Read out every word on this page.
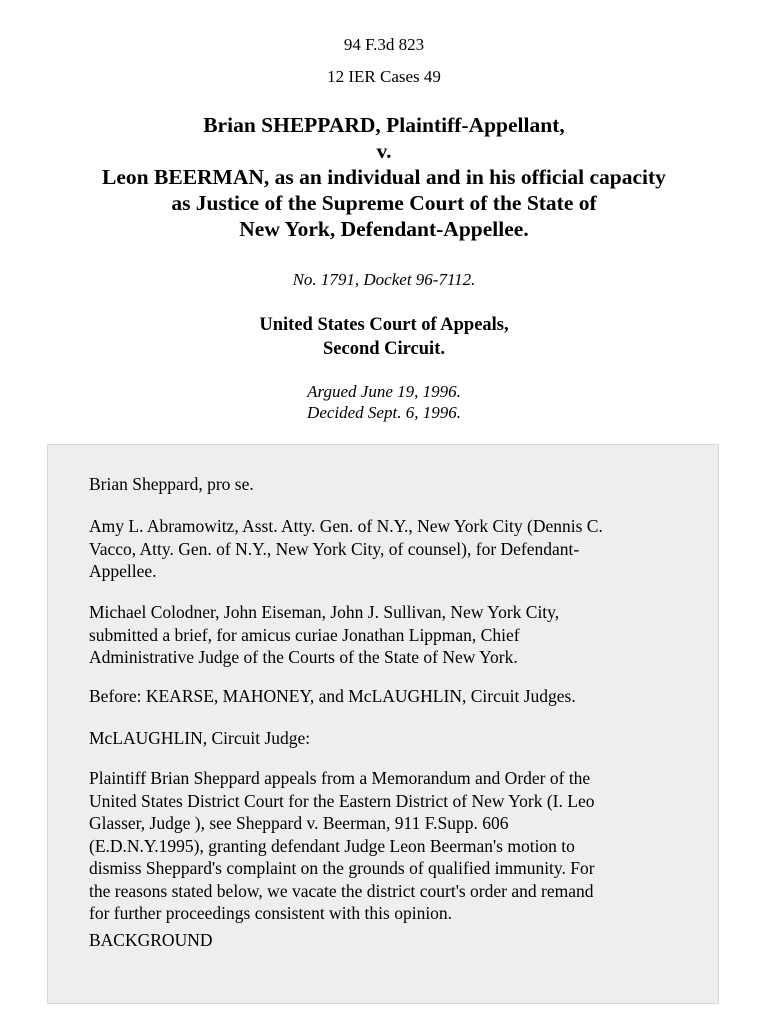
94 F.3d 823
12 IER Cases 49
Brian SHEPPARD, Plaintiff-Appellant,
v.
Leon BEERMAN, as an individual and in his official capacity
as Justice of the Supreme Court of the State of
New York, Defendant-Appellee.
No. 1791, Docket 96-7112.
United States Court of Appeals,
Second Circuit.
Argued June 19, 1996.
Decided Sept. 6, 1996.
Brian Sheppard, pro se.
Amy L. Abramowitz, Asst. Atty. Gen. of N.Y., New York City (Dennis C.
Vacco, Atty. Gen. of N.Y., New York City, of counsel), for Defendant-
Appellee.
Michael Colodner, John Eiseman, John J. Sullivan, New York City,
submitted a brief, for amicus curiae Jonathan Lippman, Chief
Administrative Judge of the Courts of the State of New York.
Before: KEARSE, MAHONEY, and McLAUGHLIN, Circuit Judges.
McLAUGHLIN, Circuit Judge:
Plaintiff Brian Sheppard appeals from a Memorandum and Order of the
United States District Court for the Eastern District of New York (I. Leo
Glasser, Judge ), see Sheppard v. Beerman, 911 F.Supp. 606
(E.D.N.Y.1995), granting defendant Judge Leon Beerman's motion to
dismiss Sheppard's complaint on the grounds of qualified immunity. For
the reasons stated below, we vacate the district court's order and remand
for further proceedings consistent with this opinion.
BACKGROUND
